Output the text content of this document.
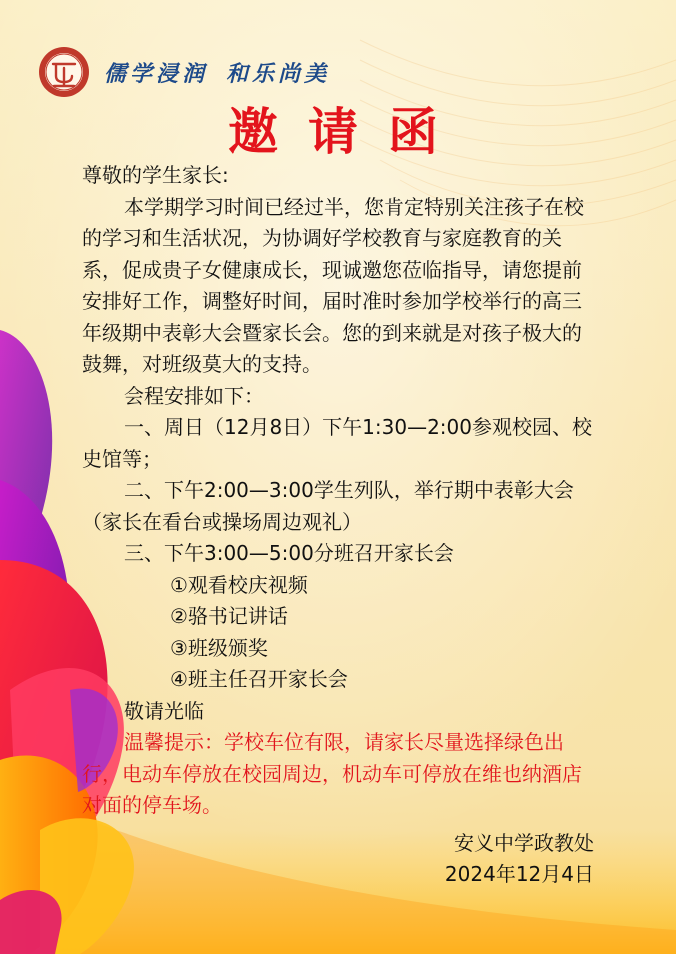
儒学浸润 和乐尚美
邀请函

尊敬的学生家长:

本学期学习时间已经过半，您肯定特别关注孩子在校的学习和生活状况，为协调好学校教育与家庭教育的关系，促成贵子女健康成长，现诚邀您莅临指导，请您提前安排好工作，调整好时间，届时准时参加学校举行的高三年级期中表彰大会暨家长会。您的到来就是对孩子极大的鼓舞，对班级莫大的支持。

会程安排如下：

一、周日（12月8日）下午1:30—2:00参观校园、校史馆等；

二、下午2:00—3:00学生列队，举行期中表彰大会（家长在看台或操场周边观礼）

三、下午3:00—5:00分班召开家长会

①观看校庆视频

②骆书记讲话

③班级颁奖

④班主任召开家长会

敬请光临

温馨提示：学校车位有限，请家长尽量选择绿色出行，电动车停放在校园周边，机动车可停放在维也纳酒店对面的停车场。

安义中学政教处

2024年12月4日
